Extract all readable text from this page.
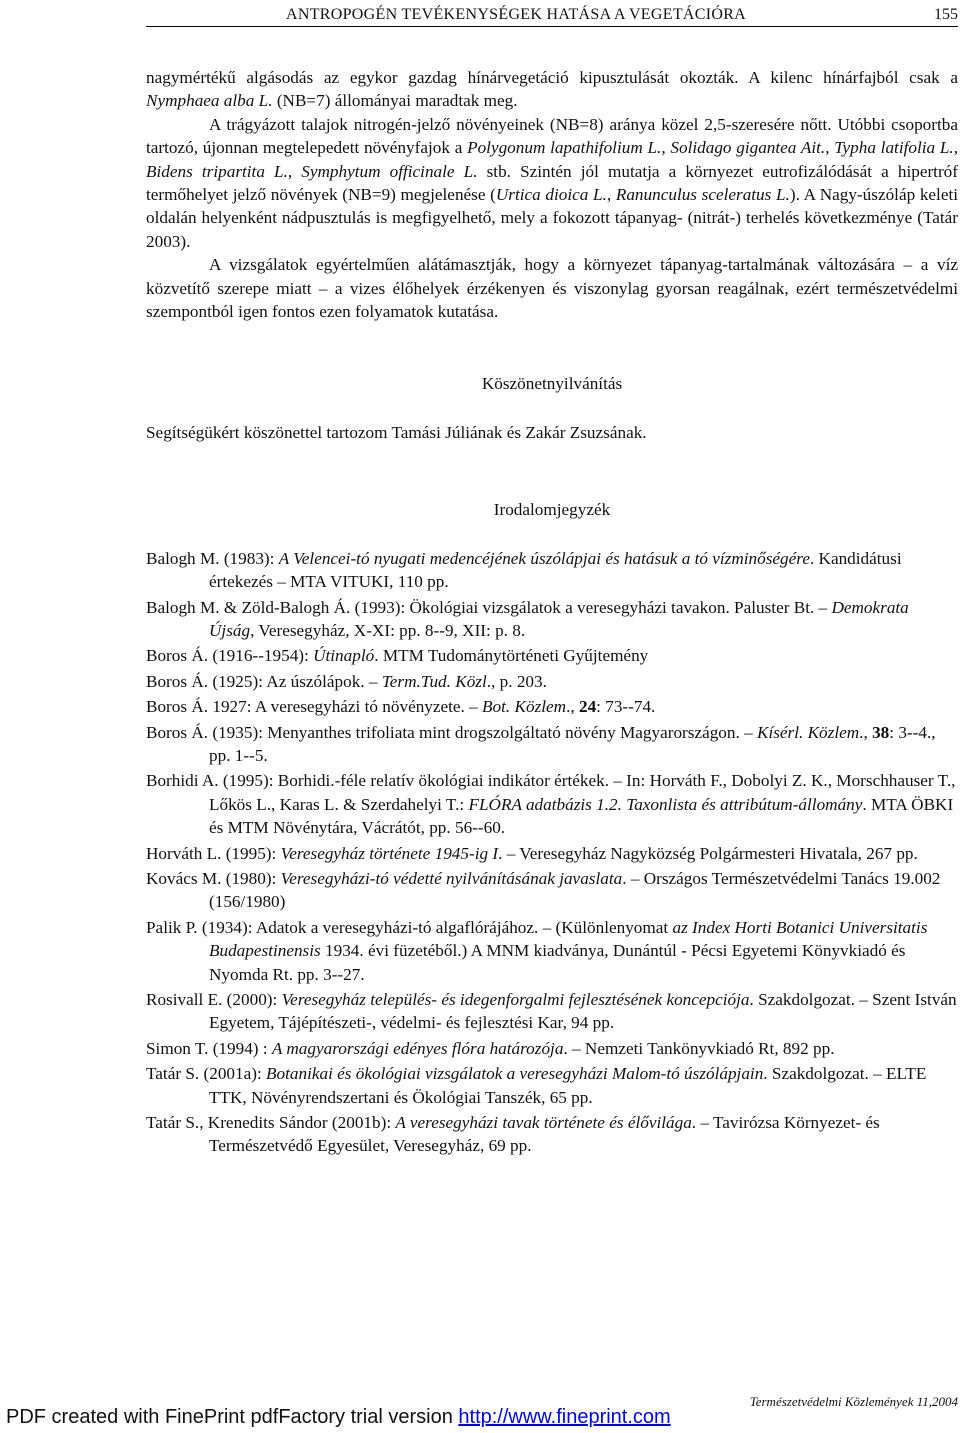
ANTROPOGÉN TEVÉKENYSÉGEK HATÁSA A VEGETÁCIÓRA	155

nagymértékű algásodás az egykor gazdag hínárvegetáció kipusztulását okozták. A kilenc hínárfajból csak a Nymphaea alba L. (NB=7) állományai maradtak meg.

A trágyázott talajok nitrogén-jelző növényeinek (NB=8) aránya közel 2,5-szeresére nőtt. Utóbbi csoportba tartozó, újonnan megtelepedett növényfajok a Polygonum lapathifolium L., Solidago gigantea Ait., Typha latifolia L., Bidens tripartita L., Symphytum officinale L. stb. Szintén jól mutatja a környezet eutrofizálódását a hipertróf termőhelyet jelző növények (NB=9) megjelenése (Urtica dioica L., Ranunculus sceleratus L.). A Nagy-úszóláp keleti oldalán helyenként nádpusztulás is megfigyelhető, mely a fokozott tápanyag- (nitrát-) terhelés következménye (Tatár 2003).

A vizsgálatok egyértelműen alátámasztják, hogy a környezet tápanyag-tartalmának változására – a víz közvetítő szerepe miatt – a vizes élőhelyek érzékenyen és viszonylag gyorsan reagálnak, ezért természetvédelmi szempontból igen fontos ezen folyamatok kutatása.

Köszönetnyilvánítás

Segítségükért köszönettel tartozom Tamási Júliának és Zakár Zsuzsának.

Irodalomjegyzék
Balogh M. (1983): A Velencei-tó nyugati medencéjének úszólápjai és hatásuk a tó vízminőségére. Kandidátusi értekezés – MTA VITUKI, 110 pp.
Balogh M. & Zöld-Balogh Á. (1993): Ökológiai vizsgálatok a veresegyházi tavakon. Paluster Bt. – Demokrata Újság, Veresegyház, X-XI: pp. 8--9, XII: p. 8.
Boros Á. (1916--1954): Útinapló. MTM Tudománytörténeti Gyűjtemény
Boros Á. (1925): Az úszólápok. – Term.Tud. Közl., p. 203.
Boros Á. 1927: A veresegyházi tó növényzete. – Bot. Közlem., 24: 73--74.
Boros Á. (1935): Menyanthes trifoliata mint drogszolgáltató növény Magyarországon. – Kísérl. Közlem., 38: 3--4., pp. 1--5.
Borhidi A. (1995): Borhidi.-féle relatív ökológiai indikátor értékek. – In: Horváth F., Dobolyi Z. K., Morschhauser T., Lőkös L., Karas L. & Szerdahelyi T.: FLÓRA adatbázis 1.2. Taxonlista és attribútum-állomány. MTA ÖBKI és MTM Növénytára, Vácrátót, pp. 56--60.
Horváth L. (1995): Veresegyház története 1945-ig I. – Veresegyház Nagyközség Polgármesteri Hivatala, 267 pp.
Kovács M. (1980): Veresegyházi-tó védetté nyilvánításának javaslata. – Országos Természetvédelmi Tanács 19.002 (156/1980)
Palik P. (1934): Adatok a veresegyházi-tó algaflórájához. – (Különlenyomat az Index Horti Botanici Universitatis Budapestinensis 1934. évi füzetéből.) A MNM kiadványa, Dunántúl - Pécsi Egyetemi Könyvkiadó és Nyomda Rt. pp. 3--27.
Rosivall E. (2000): Veresegyház település- és idegenforgalmi fejlesztésének koncepciója. Szakdolgozat. – Szent István Egyetem, Tájépítészeti-, védelmi- és fejlesztési Kar, 94 pp.
Simon T. (1994) : A magyarországi edényes flóra határozója. – Nemzeti Tankönyvkiadó Rt, 892 pp.
Tatár S. (2001a): Botanikai és ökológiai vizsgálatok a veresegyházi Malom-tó úszólápjain. Szakdolgozat. – ELTE TTK, Növényrendszertani és Ökológiai Tanszék, 65 pp.
Tatár S., Krenedits Sándor (2001b): A veresegyházi tavak története és élővilága. – Tavirózsa Környezet- és Természetvédő Egyesület, Veresegyház, 69 pp.
Természetvédelmi Közlemények 11,2004
PDF created with FinePrint pdfFactory trial version http://www.fineprint.com
